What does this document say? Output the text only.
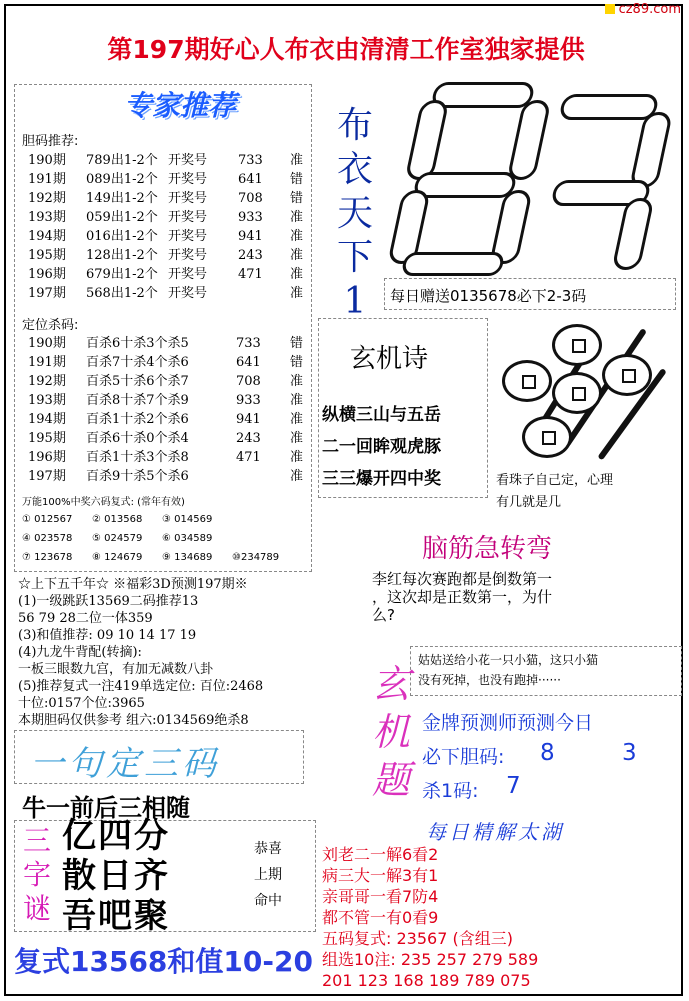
cz89.com
第197期好心人布衣由清清工作室独家提供
专家推荐
胆码推荐:
190期 789出1-2个 开奖号 733 准
191期 089出1-2个 开奖号 641 错
192期 149出1-2个 开奖号 708 错
193期 059出1-2个 开奖号 933 准
194期 016出1-2个 开奖号 941 准
195期 128出1-2个 开奖号 243 准
196期 679出1-2个 开奖号 471 准
197期 568出1-2个 开奖号	准
定位杀码:
190期 百杀6十杀3个杀5	733 错
191期 百杀7十杀4个杀6	641 错
192期 百杀5十杀6个杀7	708 准
193期 百杀8十杀7个杀9	933 准
194期 百杀1十杀2个杀6	941 准
195期 百杀6十杀0个杀4	243 准
196期 百杀1十杀3个杀8	471 准
197期 百杀9十杀5个杀6	准
万能100%中奖六码复式: (常年有效)
① 012567 ② 013568 ③ 014569
④ 023578 ⑤ 024579 ⑥ 034589
⑦ 123678 ⑧ 124679 ⑨ 134689 ⑩234789
布
衣
天
下
1	每日赠送0135678必下2-3码
玄机诗
纵横三山与五岳
二一回眸观虎豚
三三爆开四中奖	看珠子自己定，心理
有几就是几
脑筋急转弯
李红每次赛跑都是倒数第一
，这次却是正数第一，为什
么?
☆上下五千年☆ ※福彩3D预测197期※
(1)一级跳跃13569二码推荐13
56 79 28二位一体359
(3)和值推荐: 09 10 14 17 19
(4)九龙牛背配(转摘):
一板三眼数九宫，有加无减数八卦
(5)推荐复式一注419单选定位: 百位:2468
十位:0157个位:3965
本期胆码仅供参考 组六:0134569绝杀8
姑姑送给小花一只小猫，这只小猫
没有死掉，也没有跑掉······
玄
机
题
金牌预测师预测今日
必下胆码: 8	3
杀1码: 7
一句定三码
牛一前后三相随
三
字
谜
亿四分
散日齐
吾吧聚
恭喜
上期
命中
复式13568和值10-20
每日精解太湖
刘老二一解6看2
病三大一解3有1
亲哥哥一看7防4
都不管一有0看9
五码复式: 23567 (含组三)
组选10注: 235 257 279 589
201 123 168 189 789 075
